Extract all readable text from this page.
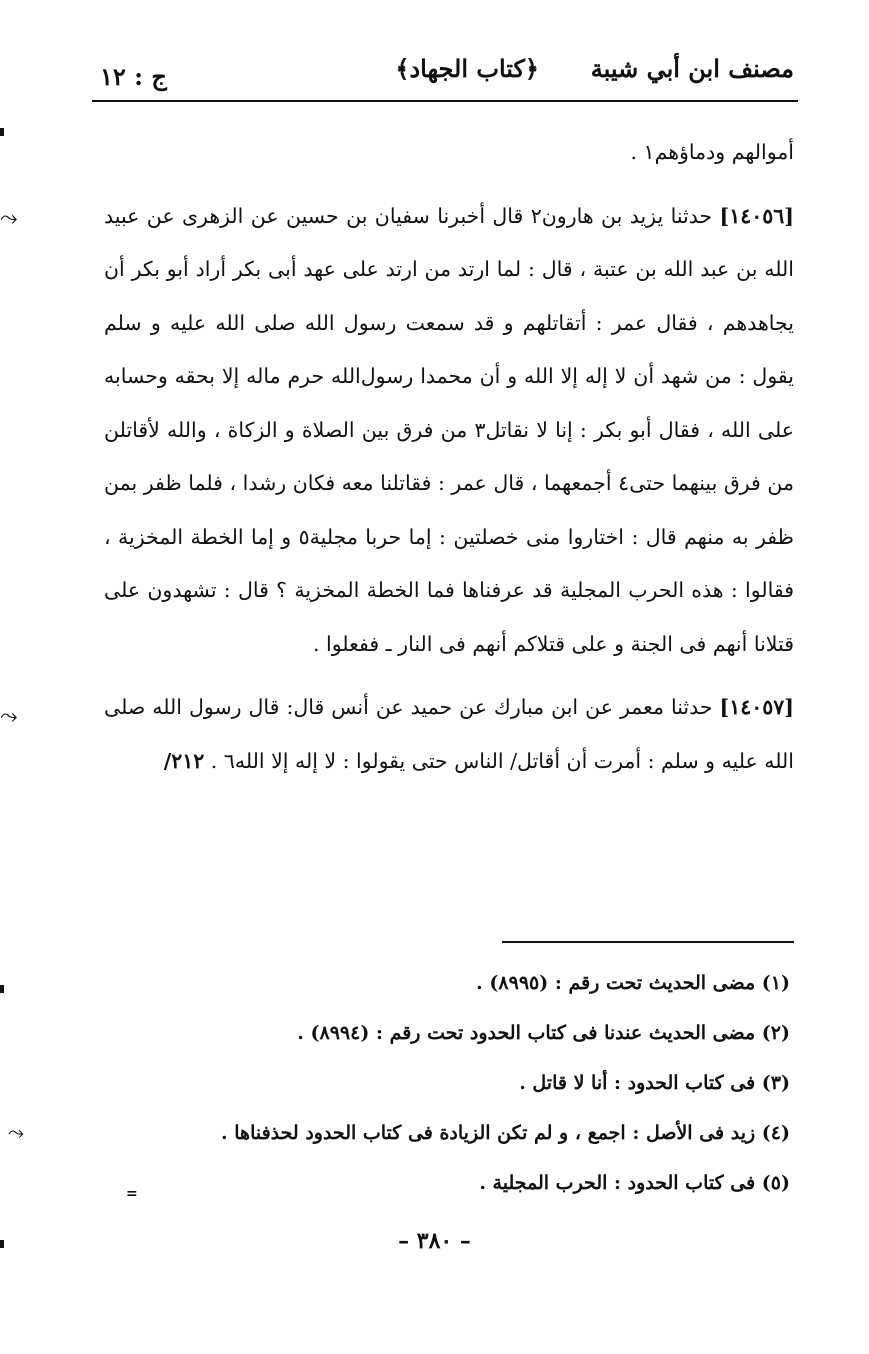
مصنف ابن أبي شيبة
﴿كتاب الجهاد﴾
ج : ١٢

أموالهم ودماؤهم١ .

[١٤٠٥٦] حدثنا يزيد بن هارون٢ قال أخبرنا سفيان بن حسين عن الزهرى عن عبيد الله بن عبد الله بن عتبة ، قال : لما ارتد من ارتد على عهد أبى بكر أراد أبو بكر أن يجاهدهم ، فقال عمر : أتقاتلهم و قد سمعت رسول الله صلى الله عليه و سلم يقول : من شهد أن لا إله إلا الله و أن محمدا رسول‌الله حرم ماله إلا بحقه وحسابه على الله ، فقال أبو بكر : إنا لا نقاتل٣ من فرق بين الصلاة و الزكاة ، والله لأقاتلن من فرق بينهما حتى٤ أجمعهما ، قال عمر : فقاتلنا معه فكان رشدا ، فلما ظفر بمن ظفر به منهم قال : اختاروا منى خصلتين : إما حربا مجلية٥ و إما الخطة المخزية ، فقالوا : هذه الحرب المجلية قد عرفناها فما الخطة المخزية ؟ قال : تشهدون على قتلانا أنهم فى الجنة و على قتلاكم أنهم فى النار ـ ففعلوا .

[١٤٠٥٧] حدثنا معمر عن ابن مبارك عن حميد عن أنس قال: قال رسول الله صلى الله عليه و سلم : أمرت أن أقاتل/ الناس حتى يقولوا : لا إله إلا الله٦ . ٢١٢/

(١) مضى الحديث تحت رقم : (٨٩٩٥) .

(٢) مضى الحديث عندنا فى كتاب الحدود تحت رقم : (٨٩٩٤) .

(٣) فى كتاب الحدود : أنا لا قاتل .

(٤) زيد فى الأصل : اجمع ، و لم تكن الزيادة فى كتاب الحدود لحذفناها .

(٥) فى كتاب الحدود : الحرب المجلية .

– ٣٨٠ –
⤳
⤳
⤳
=
